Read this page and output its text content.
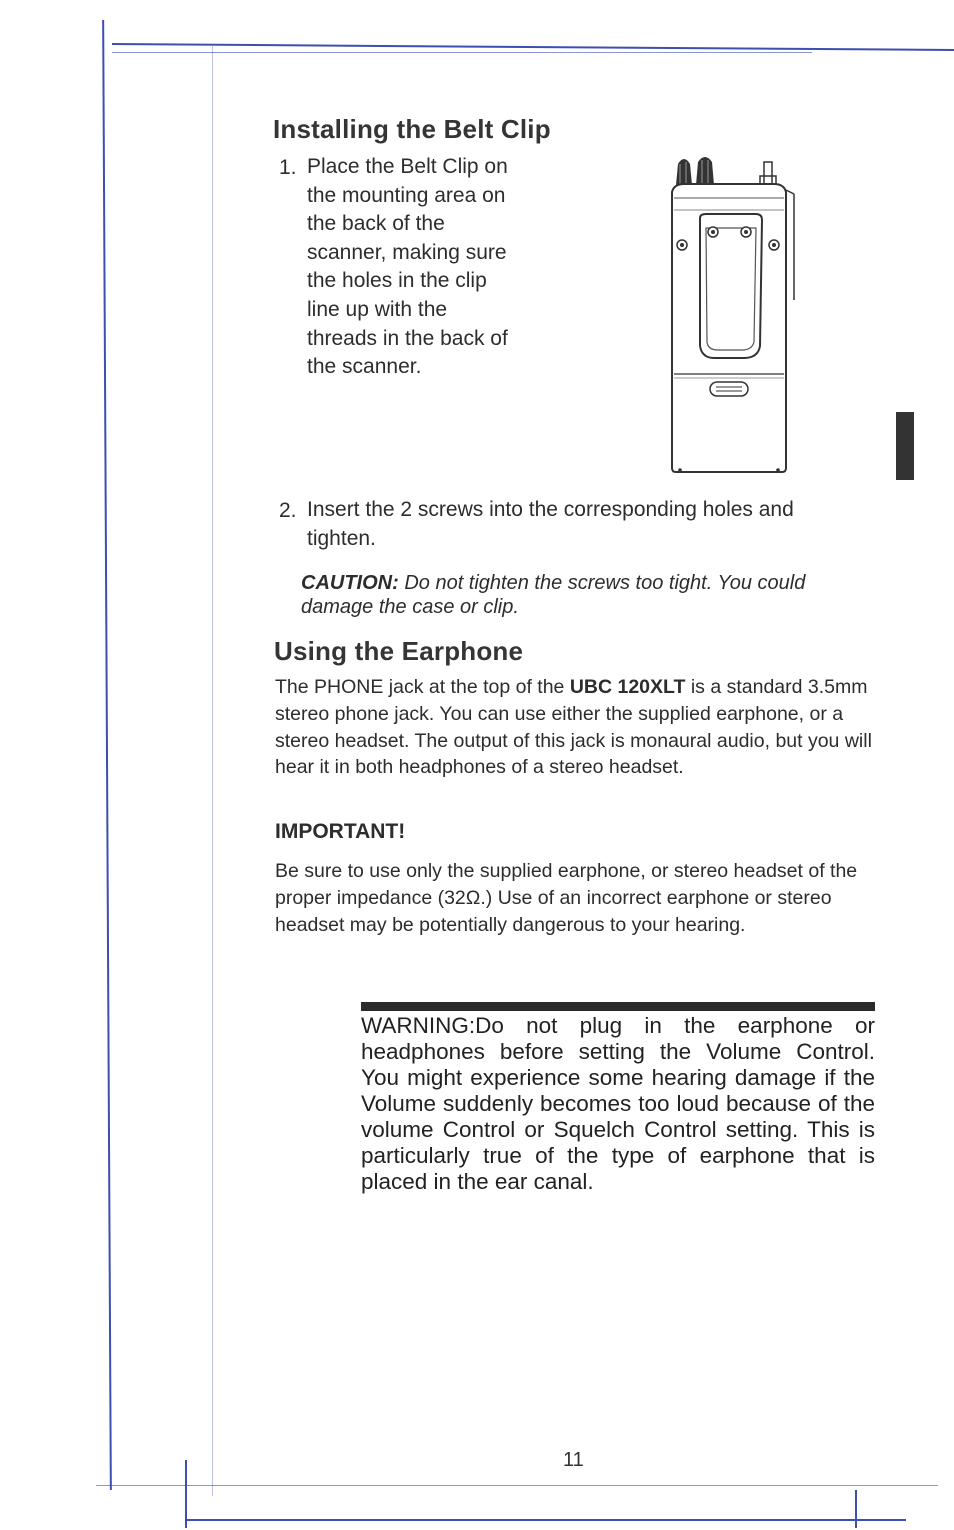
Installing the Belt Clip
1. Place the Belt Clip on
the mounting area on
the back of the
scanner, making sure
the holes in the clip
line up with the
threads in the back of
the scanner.
2. Insert the 2 screws into the corresponding holes and tighten.
CAUTION: Do not tighten the screws too tight. You could damage the case or clip.
Using the Earphone
The PHONE jack at the top of the UBC 120XLT is a standard 3.5mm stereo phone jack. You can use either the supplied earphone, or a stereo headset. The output of this jack is monaural audio, but you will hear it in both headphones of a stereo headset.
IMPORTANT!
Be sure to use only the supplied earphone, or stereo headset of the proper impedance (32Ω.) Use of an incorrect earphone or stereo headset may be potentially dangerous to your hearing.
WARNING:Do not plug in the earphone or headphones before setting the Volume Control. You might experience some hearing damage if the Volume suddenly becomes too loud because of the volume Control or Squelch Control setting. This is particularly true of the type of earphone that is placed in the ear canal.
11
